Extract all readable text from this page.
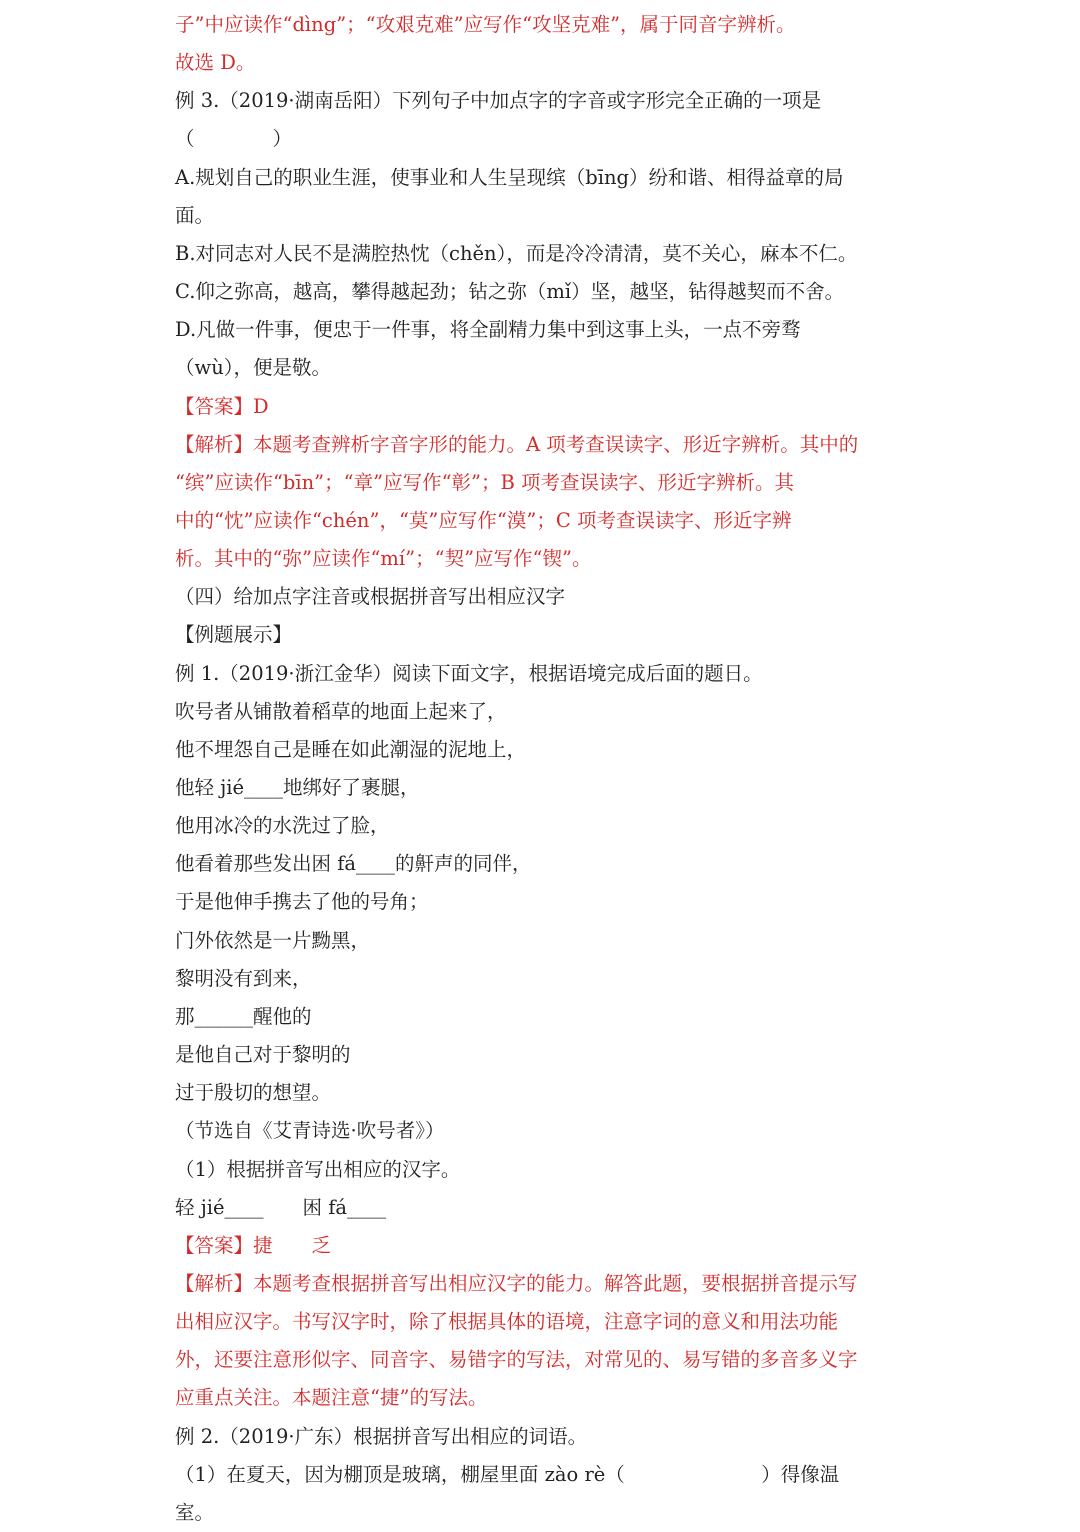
子”中应读作“dìng”；“攻艰克难”应写作“攻坚克难”，属于同音字辨析。
故选 D。
例 3.（2019·湖南岳阳）下列句子中加点字的字音或字形完全正确的一项是
（　　　　）
A.规划自己的职业生涯，使事业和人生呈现缤（bīng）纷和谐、相得益章的局
面。
B.对同志对人民不是满腔热忱（chěn），而是冷冷清清，莫不关心，麻本不仁。
C.仰之弥高，越高，攀得越起劲；钻之弥（mǐ）坚，越坚，钻得越契而不舍。
D.凡做一件事，便忠于一件事，将全副精力集中到这事上头，一点不旁骛
（wù），便是敬。
【答案】D
【解析】本题考查辨析字音字形的能力。A 项考查误读字、形近字辨析。其中的
“缤”应读作“bīn”；“章”应写作“彰”；B 项考查误读字、形近字辨析。其
中的“忱”应读作“chén”，“莫”应写作“漠”；C 项考查误读字、形近字辨
析。其中的“弥”应读作“mí”；“契”应写作“锲”。
（四）给加点字注音或根据拼音写出相应汉字
【例题展示】
例 1.（2019·浙江金华）阅读下面文字，根据语境完成后面的题日。
吹号者从铺散着稻草的地面上起来了，
他不埋怨自己是睡在如此潮湿的泥地上，
他轻 jié____地绑好了裹腿，
他用冰冷的水洗过了脸，
他看着那些发出困 fá____的鼾声的同伴，
于是他伸手携去了他的号角；
门外依然是一片黝黑，
黎明没有到来，
那______醒他的
是他自己对于黎明的
过于殷切的想望。
（节选自《艾青诗选·吹号者》）
（1）根据拼音写出相应的汉字。
轻 jié____　　困 fá____
【答案】捷　　乏
【解析】本题考查根据拼音写出相应汉字的能力。解答此题，要根据拼音提示写
出相应汉字。书写汉字时，除了根据具体的语境，注意字词的意义和用法功能
外，还要注意形似字、同音字、易错字的写法，对常见的、易写错的多音多义字
应重点关注。本题注意“捷”的写法。
例 2.（2019·广东）根据拼音写出相应的词语。
（1）在夏天，因为棚顶是玻璃，棚屋里面 zào rè（　　　　　　　）得像温
室。
